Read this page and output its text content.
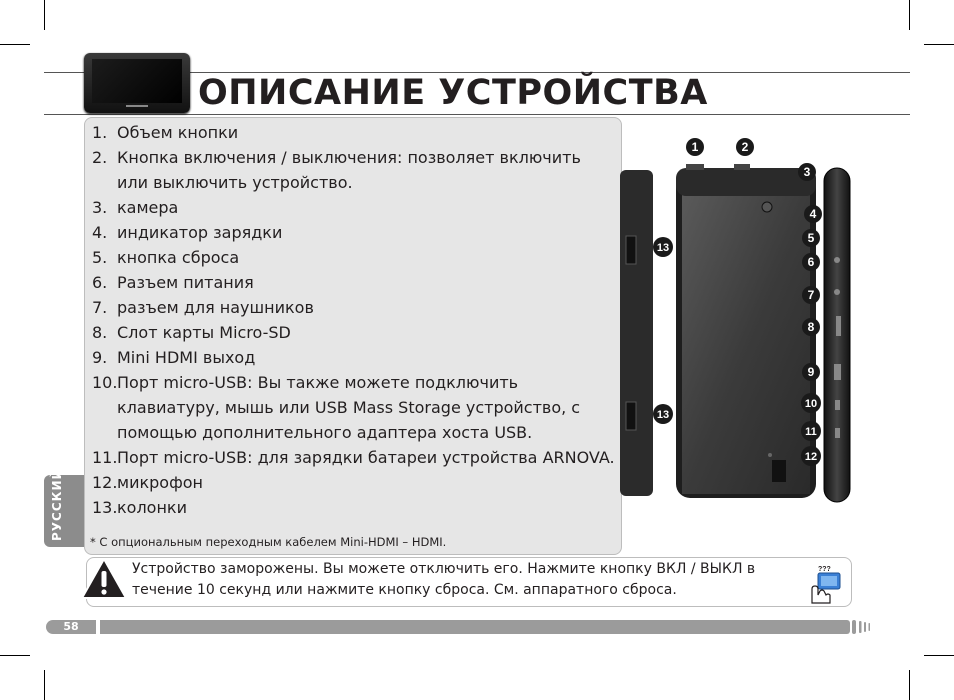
ОПИСАНИЕ УСТРОЙСТВА
1. Объем кнопки
2. Кнопка включения / выключения: позволяет включить или выключить устройство.
3. камера
4. индикатор зарядки
5. кнопка сброса
6. Разъем питания
7. разъем для наушников
8. Слот карты Micro-SD
9. Mini HDMI выход
10. Порт micro-USB: Вы также можете подключить клавиатуру, мышь или USB Mass Storage устройство, с помощью дополнительного адаптера хоста USB.
11. Порт micro-USB: для зарядки батареи устройства ARNOVA.
12. микрофон
13. колонки
* С опциональным переходным кабелем Mini-HDMI – HDMI.
РУССКИЙ
1	2
3
4
5
6
7
8
9
10
11
12
13
13
Устройство заморожены. Вы можете отключить его. Нажмите кнопку ВКЛ / ВЫКЛ в течение 10 секунд или нажмите кнопку сброса. См. аппаратного сброса.
???
58
